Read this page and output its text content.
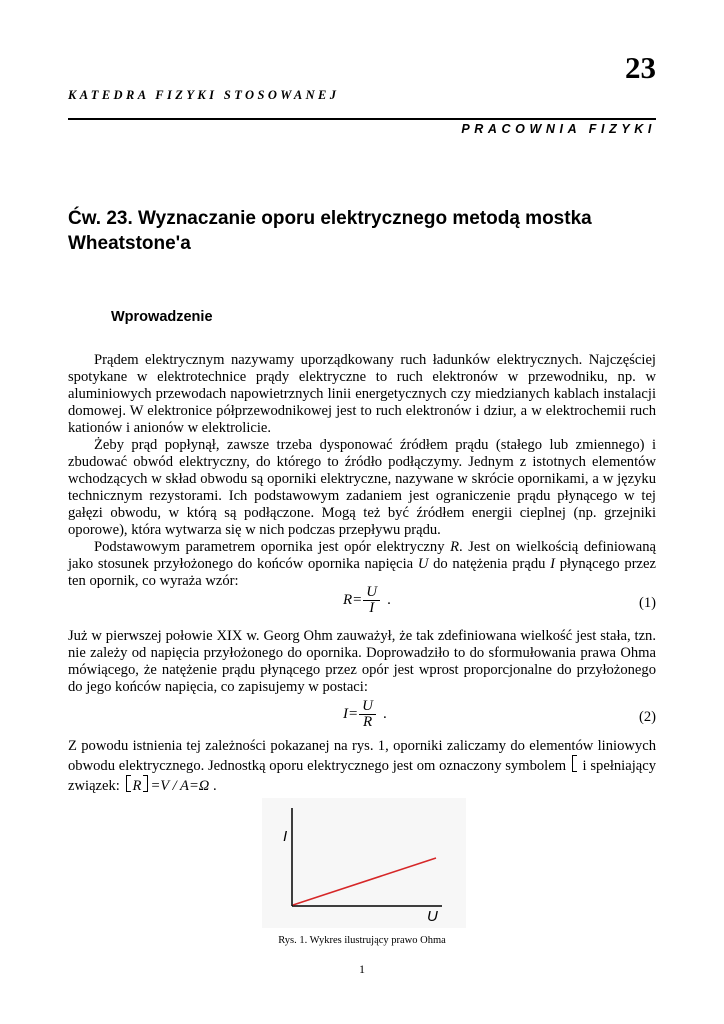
23
KATEDRA FIZYKI STOSOWANEJ
PRACOWNIA FIZYKI
Ćw. 23. Wyznaczanie oporu elektrycznego metodą mostka Wheatstone'a
Wprowadzenie

Prądem elektrycznym nazywamy uporządkowany ruch ładunków elektrycznych. Najczęściej spotykane w elektrotechnice prądy elektryczne to ruch elektronów w przewodniku, np. w aluminiowych przewodach napowietrznych linii energetycznych czy miedzianych kablach instalacji domowej. W elektronice półprzewodnikowej jest to ruch elektronów i dziur, a w elektrochemii ruch kationów i anionów w elektrolicie.

Żeby prąd popłynął, zawsze trzeba dysponować źródłem prądu (stałego lub zmiennego) i zbudować obwód elektryczny, do którego to źródło podłączymy. Jednym z istotnych elementów wchodzących w skład obwodu są oporniki elektryczne, nazywane w skrócie opornikami, a w języku technicznym rezystorami. Ich podstawowym zadaniem jest ograniczenie prądu płynącego w tej gałęzi obwodu, w którą są podłączone. Mogą też być źródłem energii cieplnej (np. grzejniki oporowe), która wytwarza się w nich podczas przepływu prądu.

Podstawowym parametrem opornika jest opór elektryczny R. Jest on wielkością definiowaną jako stosunek przyłożonego do końców opornika napięcia U do natężenia prądu I płynącego przez ten opornik, co wyraża wzór:

$R= \frac{U}{I}$ .	(1)
Już w pierwszej połowie XIX w. Georg Ohm zauważył, że tak zdefiniowana wielkość jest stała, tzn. nie zależy od napięcia przyłożonego do opornika. Doprowadziło to do sformułowania prawa Ohma mówiącego, że natężenie prądu płynącego przez opór jest wprost proporcjonalne do przyłożonego do jego końców napięcia, co zapisujemy w postaci:
$I= \frac{U}{R}$ .	(2)
Z powodu istnienia tej zależności pokazanej na rys. 1, oporniki zaliczamy do elementów liniowych obwodu elektrycznego. Jednostką oporu elektrycznego jest om oznaczony symbolem  i spełniający związek: R =V / A=Ω .
I
U
Rys. 1. Wykres ilustrujący prawo Ohma
1
